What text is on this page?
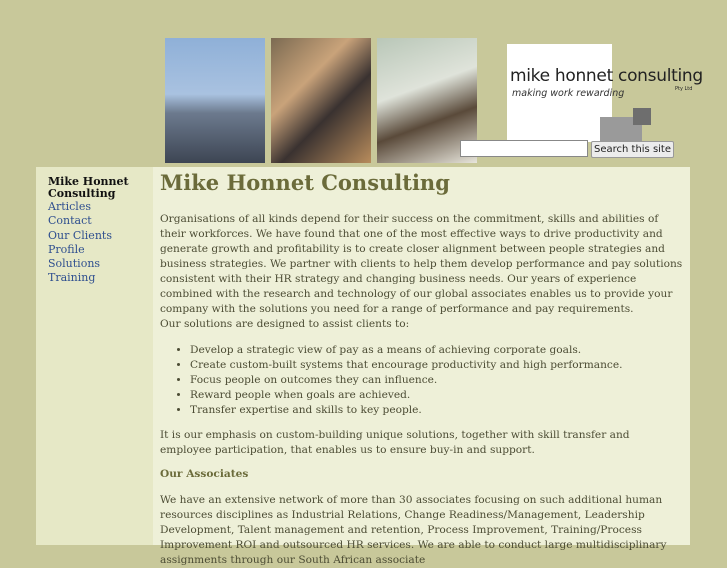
mike honnet consulting
Pty Ltd
making work rewarding
Search this site
Mike Honnet Consulting
Articles
Contact
Our Clients
Profile
Solutions
Training
Mike Honnet Consulting
Organisations of all kinds depend for their success on the commitment, skills and abilities of their workforces. We have found that one of the most effective ways to drive productivity and generate growth and profitability is to create closer alignment between people strategies and business strategies. We partner with clients to help them develop performance and pay solutions consistent with their HR strategy and changing business needs. Our years of experience combined with the research and technology of our global associates enables us to provide your company with the solutions you need for a range of performance and pay requirements.
Our solutions are designed to assist clients to:
• Develop a strategic view of pay as a means of achieving corporate goals.
• Create custom-built systems that encourage productivity and high performance.
• Focus people on outcomes they can influence.
• Reward people when goals are achieved.
• Transfer expertise and skills to key people.

It is our emphasis on custom-building unique solutions, together with skill transfer and employee participation, that enables us to ensure buy-in and support.

Our Associates

We have an extensive network of more than 30 associates focusing on such additional human resources disciplines as Industrial Relations, Change Readiness/Management, Leadership Development, Talent management and retention, Process Improvement, Training/Process Improvement ROI and outsourced HR services. We are able to conduct large multidisciplinary assignments through our South African associate
